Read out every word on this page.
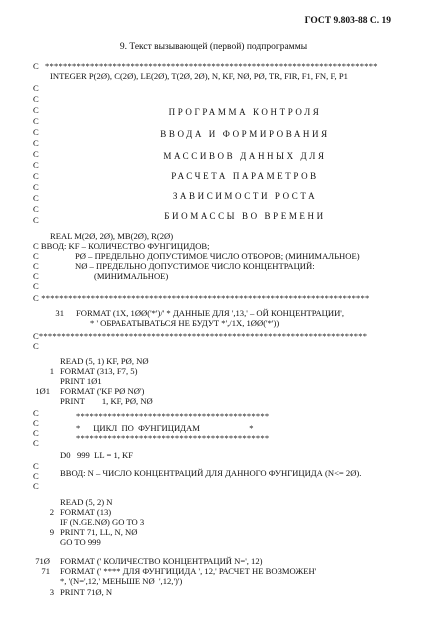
ГОСТ 9.803-88 С. 19
9. Текст вызывающей (первой) подпрограммы
C **************************************************************************
INTEGER P(2Ø), C(2Ø), LE(2Ø), T(2Ø, 2Ø), N, KF, NØ, PØ, TR, FIR, F1, FN, F, P1
C
C
C
C
C
C
C
C
C
C
C
C
C
ПРОГРАММА КОНТРОЛЯ
ВВОДА И ФОРМИРОВАНИЯ
МАССИВОВ ДАННЫХ ДЛЯ
РАСЧЕТА ПАРАМЕТРОВ
ЗАВИСИМОСТИ РОСТА
БИОМАССЫ ВО ВРЕМЕНИ
REAL M(2Ø, 2Ø), MB(2Ø), R(2Ø)
C ВВОД: KF – КОЛИЧЕСТВО ФУНГИЦИДОВ;
C	PØ – ПРЕДЕЛЬНО ДОПУСТИМОЕ ЧИСЛО ОТБОРОВ; (МИНИМАЛЬНОЕ)
C	NØ – ПРЕДЕЛЬНО ДОПУСТИМОЕ ЧИСЛО КОНЦЕНТРАЦИЙ:
C	(МИНИМАЛЬНОЕ)
C
C *************************************************************************
31 FORMAT (1X, 1ØØ('*')/' * ДАННЫЕ ДЛЯ ',13,' – ОЙ КОНЦЕНТРАЦИИ',
* ' ОБРАБАТЫВАТЬСЯ НЕ БУДУТ *',/1X, 1ØØ('*'))
C*************************************************************************
C
READ (5, 1) KF, PØ, NØ
1 FORMAT (313, F7, 5)
PRINT 1Ø1
1Ø1 FORMAT ('KF PØ NØ')
PRINT        1, KF, PØ, NØ
C
C
C
C
*******************************************
*      ЦИКЛ  ПО  ФУНГИЦИДАМ                       *
*******************************************
D0   999  LL = 1, KF
C
C ВВОД: N – ЧИСЛО КОНЦЕНТРАЦИЙ ДЛЯ ДАННОГО ФУНГИЦИДА (N<= 2Ø).
C
READ (5, 2) N
2 FORMAT (13)
IF (N.GE.NØ) GO TO 3
9 PRINT 71, LL, N, NØ
GO TO 999
71Ø FORMAT (' КОЛИЧЕСТВО КОНЦЕНТРАЦИЙ N=', 12)
71 FORMAT (' **** ДЛЯ ФУНГИЦИДА ', 12,' РАСЧЕТ НЕ ВОЗМОЖЕН'
*, '(N=',12,' МЕНЬШЕ NØ  ',12,')')
3 PRINT 71Ø, N
